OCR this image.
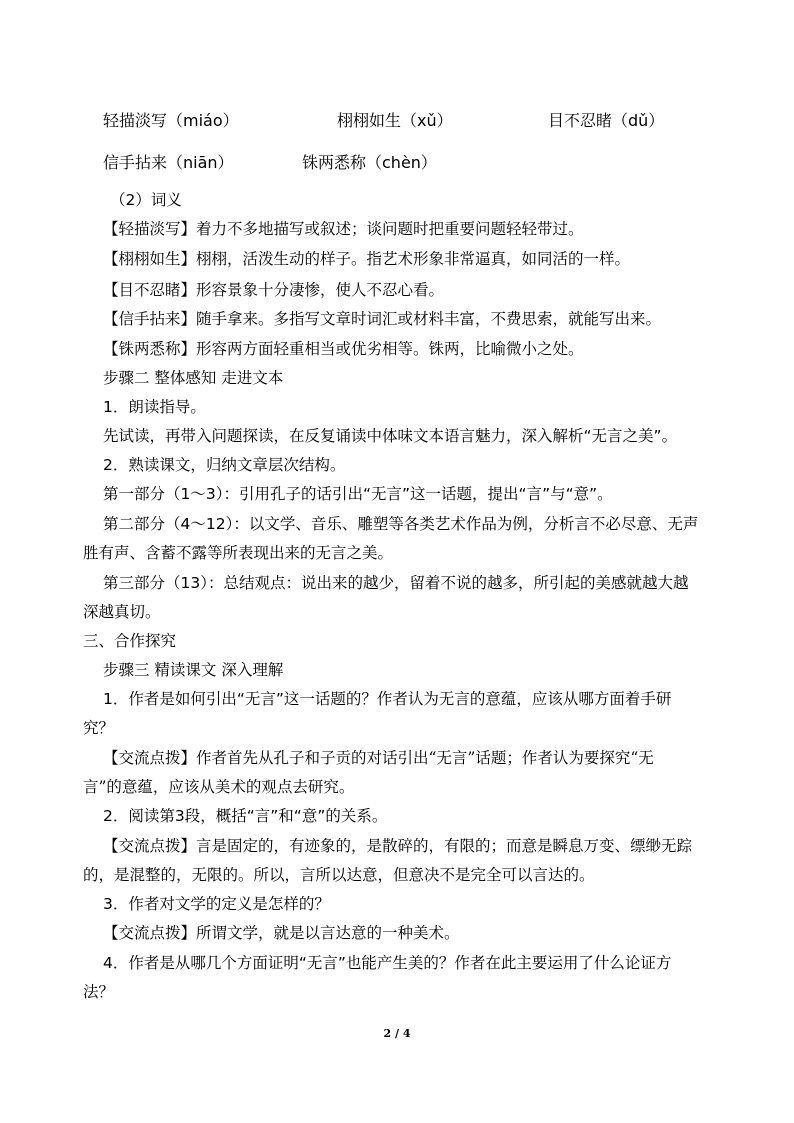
轻描淡写（miáo）	栩栩如生（xǔ）	目不忍睹（dǔ）
信手拈来（niān）	铢两悉称（chèn）
（2）词义
【轻描淡写】着力不多地描写或叙述；谈问题时把重要问题轻轻带过。
【栩栩如生】栩栩，活泼生动的样子。指艺术形象非常逼真，如同活的一样。
【目不忍睹】形容景象十分凄惨，使人不忍心看。
【信手拈来】随手拿来。多指写文章时词汇或材料丰富，不费思索，就能写出来。
【铢两悉称】形容两方面轻重相当或优劣相等。铢两，比喻微小之处。
步骤二 整体感知 走进文本
1．朗读指导。
先试读，再带入问题探读，在反复诵读中体味文本语言魅力，深入解析“无言之美”。
2．熟读课文，归纳文章层次结构。
第一部分（1～3）：引用孔子的话引出“无言”这一话题，提出“言”与“意”。
第二部分（4～12）：以文学、音乐、雕塑等各类艺术作品为例，分析言不必尽意、无声
胜有声、含蓄不露等所表现出来的无言之美。
第三部分（13）：总结观点：说出来的越少，留着不说的越多，所引起的美感就越大越
深越真切。
三、合作探究
步骤三 精读课文 深入理解
1．作者是如何引出“无言”这一话题的？作者认为无言的意蕴，应该从哪方面着手研
究？
【交流点拨】作者首先从孔子和子贡的对话引出“无言”话题；作者认为要探究“无
言”的意蕴，应该从美术的观点去研究。
2．阅读第3段，概括“言”和“意”的关系。
【交流点拨】言是固定的，有迹象的，是散碎的，有限的；而意是瞬息万变、缥缈无踪
的，是混整的，无限的。所以，言所以达意，但意决不是完全可以言达的。
3．作者对文学的定义是怎样的？
【交流点拨】所谓文学，就是以言达意的一种美术。
4．作者是从哪几个方面证明“无言”也能产生美的？作者在此主要运用了什么论证方
法？
2 / 4
